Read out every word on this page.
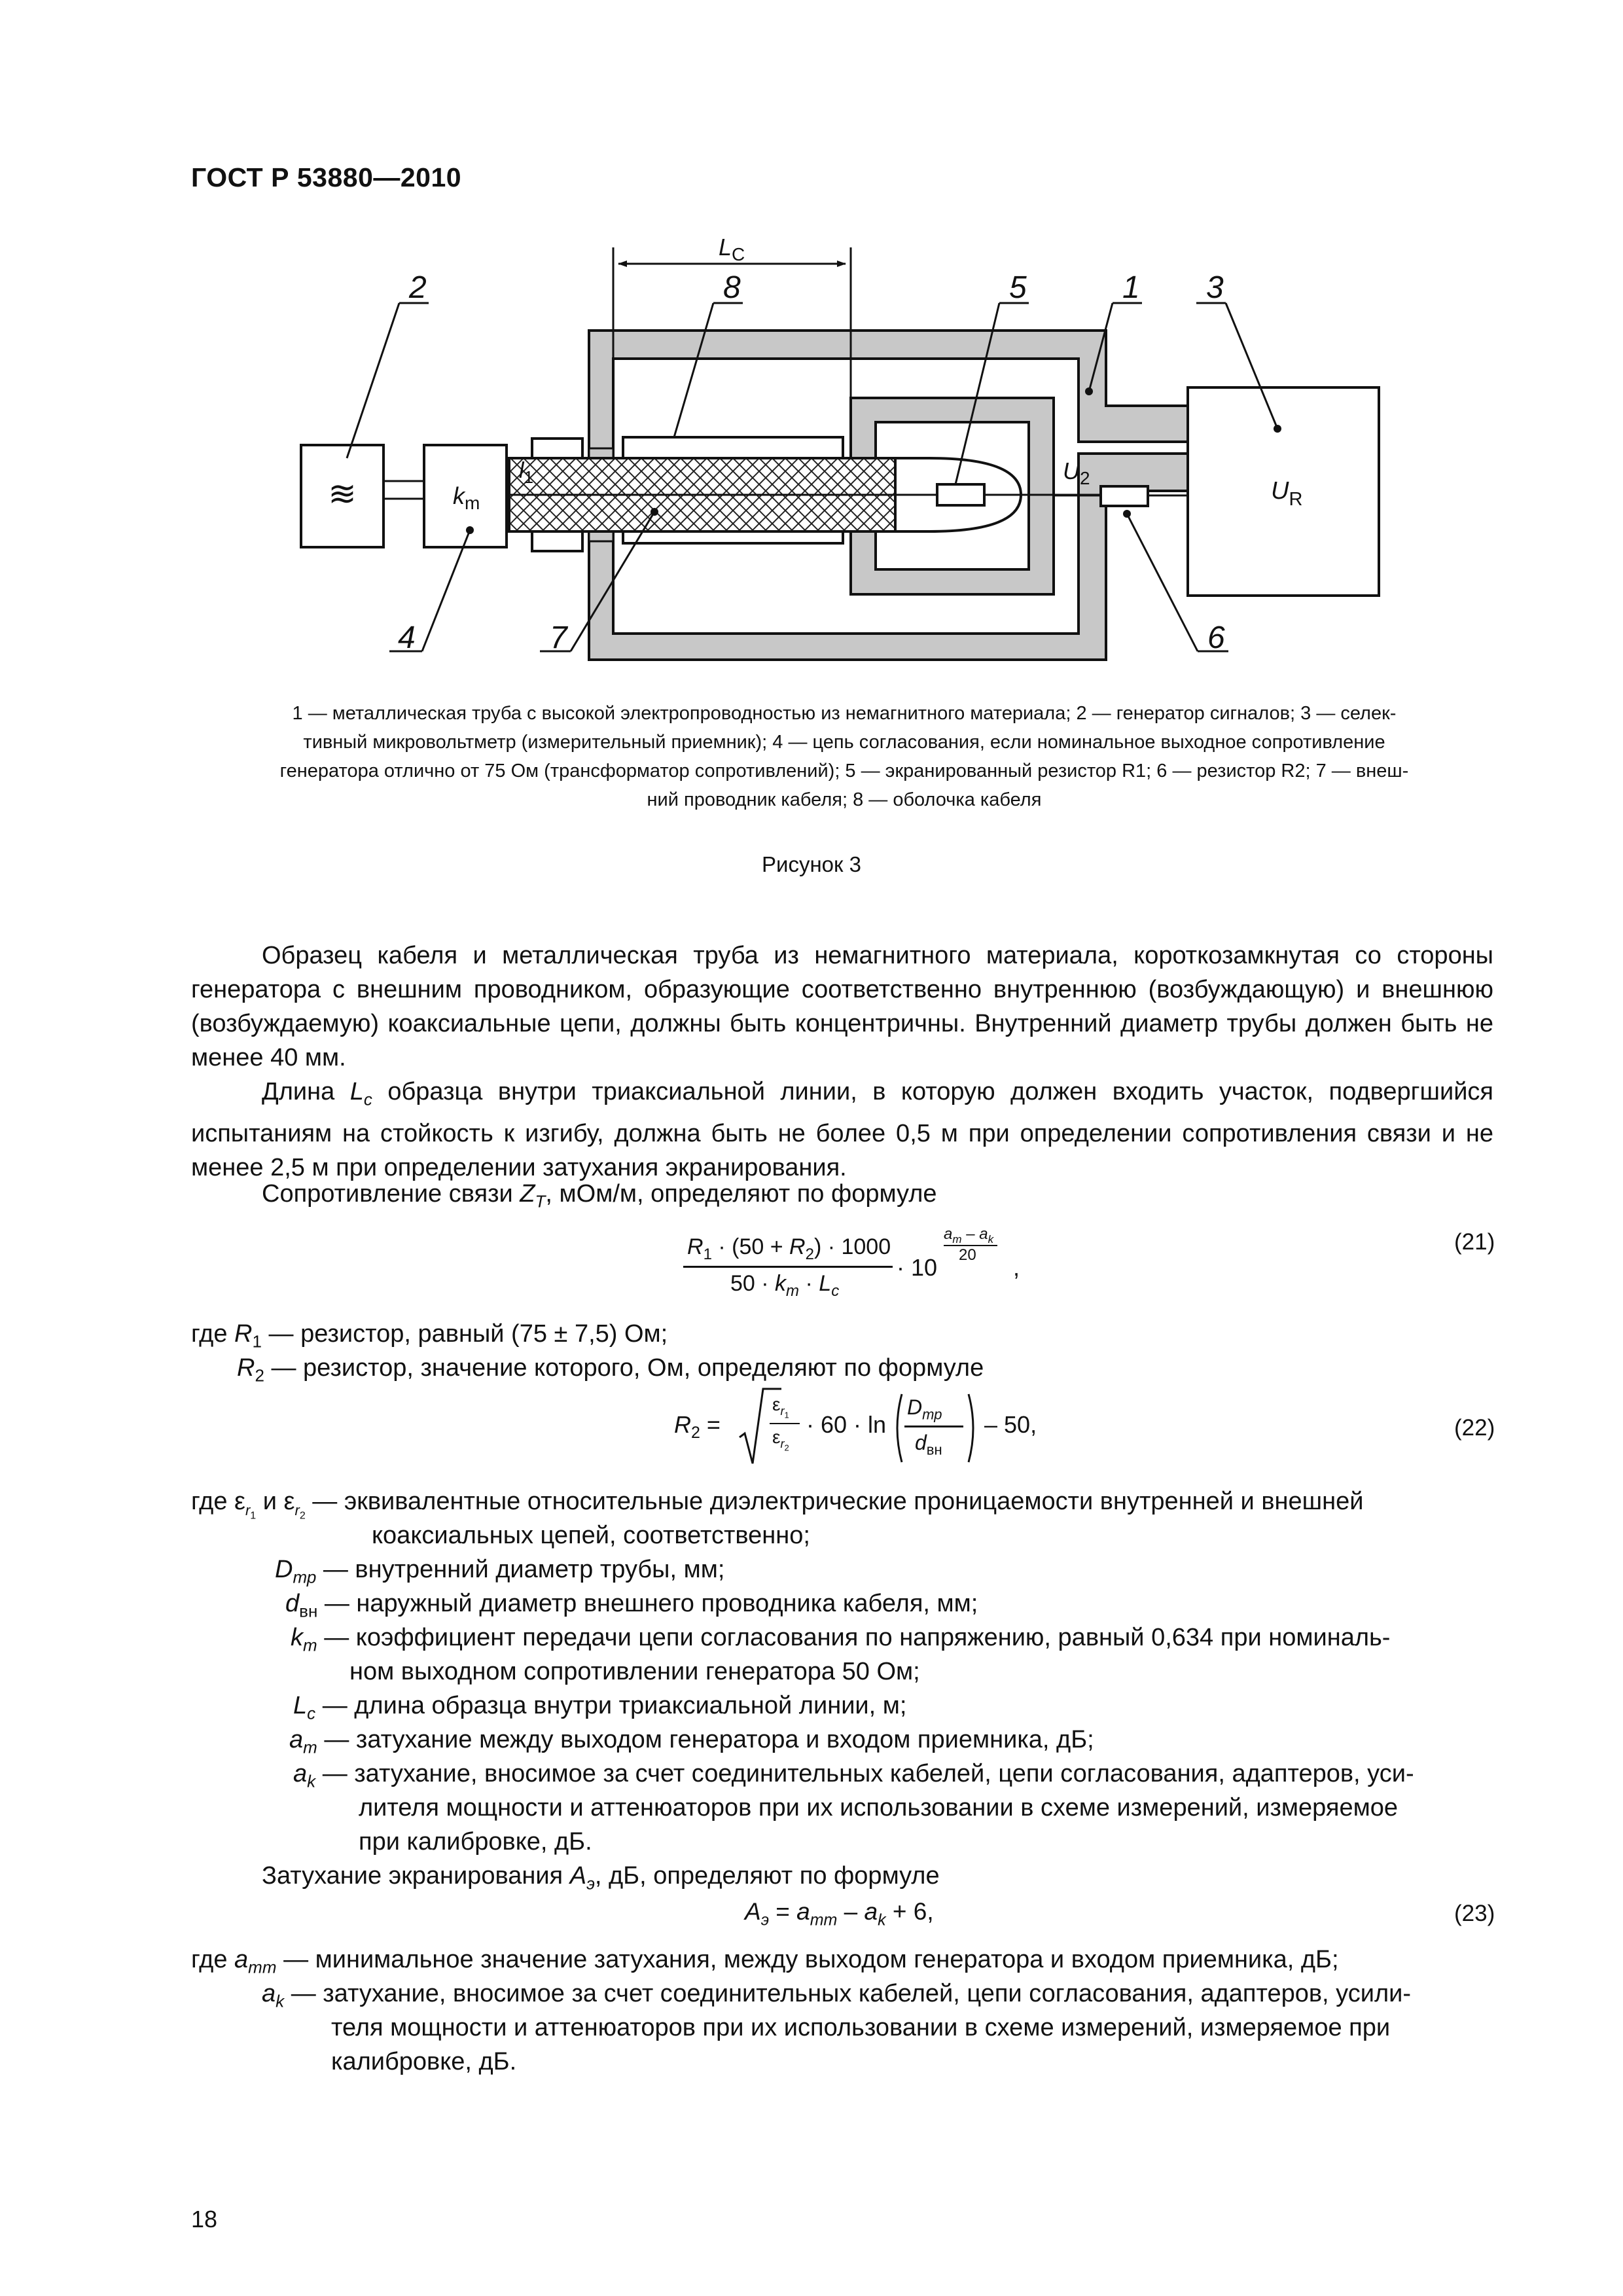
ГОСТ Р 53880—2010
≋	$k_m$	$U_R$
$U_2$
$l_1$
$L_C$
2	8	5	1 3
4	7	6
1 — металлическая труба с высокой электропроводностью из немагнитного материала; 2 — генератор сигналов; 3 — селек-
тивный микровольтметр (измерительный приемник); 4 — цепь согласования, если номинальное выходное сопротивление
генератора отлично от 75 Ом (трансформатор сопротивлений); 5 — экранированный резистор R1; 6 — резистор R2; 7 — внеш-
ний проводник кабеля; 8 — оболочка кабеля
Рисунок 3
Образец кабеля и металлическая труба из немагнитного материала, короткозамкнутая со стороны генератора с внешним проводником, образующие соответственно внутреннюю (возбуждающую) и внешнюю (возбуждаемую) коаксиальные цепи, должны быть концентричны. Внутренний диаметр трубы должен быть не менее 40 мм.
Длина $L_c$ образца внутри триаксиальной линии, в которую должен входить участок, подвергшийся испытаниям на стойкость к изгибу, должна быть не более 0,5 м при определении сопротивления связи и не менее 2,5 м при определении затухания экранирования.
Сопротивление связи $Z_T$, мОм/м, определяют по формуле
$R_1 \cdot (50 + R_2) \cdot 1000$
$50 \cdot k_m \cdot L_c$
· 10
$a_m - a_k$
20 ,
(21)
где $R_1$ — резистор, равный (75 ± 7,5) Ом;
$R_2$ — резистор, значение которого, Ом, определяют по формуле
$R_2$ =
$\varepsilon_{r_1}$
$\varepsilon_{r_2}$
· 60 · ln
$D_{тр}$
$d_{вн}$
– 50,	(22)
где $\varepsilon_{r_1}$ и $\varepsilon_{r_2}$ — эквивалентные относительные диэлектрические проницаемости внутренней и внешней
коаксиальных цепей, соответственно;
$D_{тр}$ — внутренний диаметр трубы, мм;
$d_{вн}$ — наружный диаметр внешнего проводника кабеля, мм;
$k_m$ — коэффициент передачи цепи согласования по напряжению, равный 0,634 при номиналь-
ном выходном сопротивлении генератора 50 Ом;
$L_c$ — длина образца внутри триаксиальной линии, м;
$a_m$ — затухание между выходом генератора и входом приемника, дБ;
$a_k$ — затухание, вносимое за счет соединительных кабелей, цепи согласования, адаптеров, уси-
лителя мощности и аттенюаторов при их использовании в схеме измерений, измеряемое
при калибровке, дБ.
Затухание экранирования $A_э$, дБ, определяют по формуле
$A_э = a_{mm} - a_k + 6$,	(23)
где $a_{mm}$ — минимальное значение затухания, между выходом генератора и входом приемника, дБ;
$a_k$ — затухание, вносимое за счет соединительных кабелей, цепи согласования, адаптеров, усили-
теля мощности и аттенюаторов при их использовании в схеме измерений, измеряемое при
калибровке, дБ.
18
